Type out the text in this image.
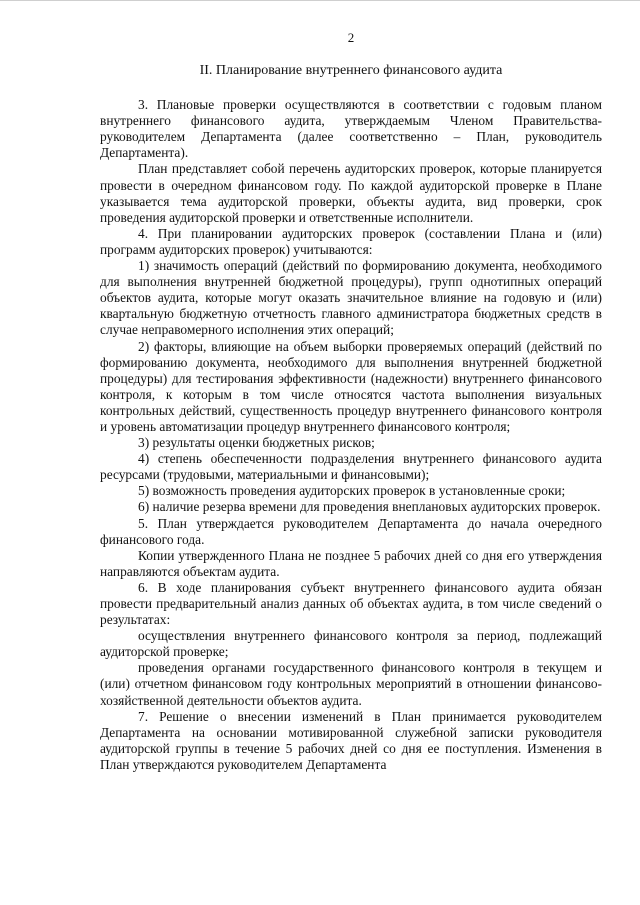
2
II. Планирование внутреннего финансового аудита

3. Плановые проверки осуществляются в соответствии с годовым планом внутреннего финансового аудита, утверждаемым Членом Правительства-руководителем Департамента (далее соответственно – План, руководитель Департамента).

План представляет собой перечень аудиторских проверок, которые планируется провести в очередном финансовом году. По каждой аудиторской проверке в Плане указывается тема аудиторской проверки, объекты аудита, вид проверки, срок проведения аудиторской проверки и ответственные исполнители.

4. При планировании аудиторских проверок (составлении Плана и (или) программ аудиторских проверок) учитываются:

1) значимость операций (действий по формированию документа, необходимого для выполнения внутренней бюджетной процедуры), групп однотипных операций объектов аудита, которые могут оказать значительное влияние на годовую и (или) квартальную бюджетную отчетность главного администратора бюджетных средств в случае неправомерного исполнения этих операций;

2) факторы, влияющие на объем выборки проверяемых операций (действий по формированию документа, необходимого для выполнения внутренней бюджетной процедуры) для тестирования эффективности (надежности) внутреннего финансового контроля, к которым в том числе относятся частота выполнения визуальных контрольных действий, существенность процедур внутреннего финансового контроля и уровень автоматизации процедур внутреннего финансового контроля;

3) результаты оценки бюджетных рисков;

4) степень обеспеченности подразделения внутреннего финансового аудита ресурсами (трудовыми, материальными и финансовыми);

5) возможность проведения аудиторских проверок в установленные сроки;

6) наличие резерва времени для проведения внеплановых аудиторских проверок.

5. План утверждается руководителем Департамента до начала очередного финансового года.

Копии утвержденного Плана не позднее 5 рабочих дней со дня его утверждения направляются объектам аудита.

6. В ходе планирования субъект внутреннего финансового аудита обязан провести предварительный анализ данных об объектах аудита, в том числе сведений о результатах:

осуществления внутреннего финансового контроля за период, подлежащий аудиторской проверке;

проведения органами государственного финансового контроля в текущем и (или) отчетном финансовом году контрольных мероприятий в отношении финансово-хозяйственной деятельности объектов аудита.

7. Решение о внесении изменений в План принимается руководителем Департамента на основании мотивированной служебной записки руководителя аудиторской группы в течение 5 рабочих дней со дня ее поступления. Изменения в План утверждаются руководителем Департамента
